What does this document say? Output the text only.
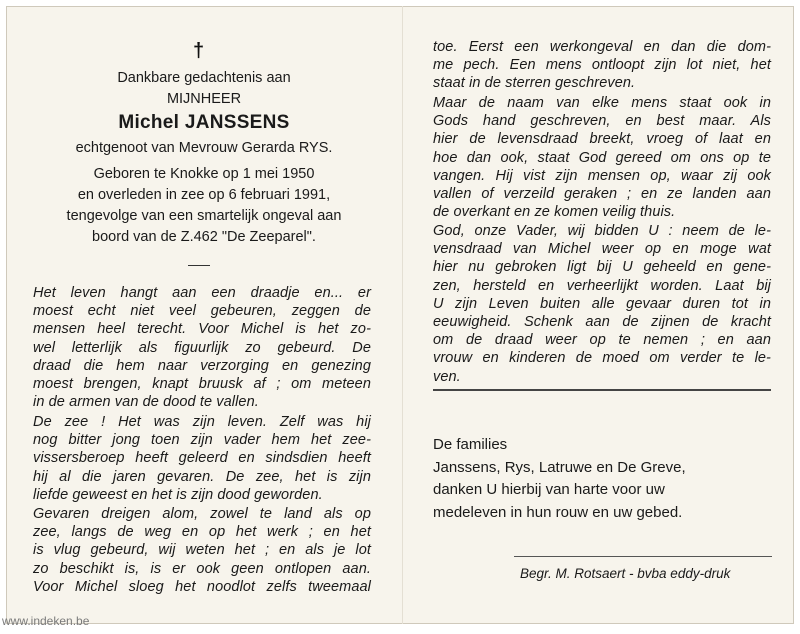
†
Dankbare gedachtenis aan
MIJNHEER
Michel JANSSENS
echtgenoot van Mevrouw Gerarda RYS.
Geboren te Knokke op 1 mei 1950
en overleden in zee op 6 februari 1991,
tengevolge van een smartelijk ongeval aan
boord van de Z.462 "De Zeeparel".
Het leven hangt aan een draadje en... er
moest echt niet veel gebeuren, zeggen de
mensen heel terecht. Voor Michel is het zo-
wel letterlijk als figuurlijk zo gebeurd. De
draad die hem naar verzorging en genezing
moest brengen, knapt bruusk af ; om meteen
in de armen van de dood te vallen.
De zee ! Het was zijn leven. Zelf was hij
nog bitter jong toen zijn vader hem het zee-
vissersberoep heeft geleerd en sindsdien heeft
hij al die jaren gevaren. De zee, het is zijn
liefde geweest en het is zijn dood geworden.
Gevaren dreigen alom, zowel te land als op
zee, langs de weg en op het werk ; en het
is vlug gebeurd, wij weten het ; en als je lot
zo beschikt is, is er ook geen ontlopen aan.
Voor Michel sloeg het noodlot zelfs tweemaal
toe. Eerst een werkongeval en dan die dom-
me pech. Een mens ontloopt zijn lot niet, het
staat in de sterren geschreven.
Maar de naam van elke mens staat ook in
Gods hand geschreven, en best maar. Als
hier de levensdraad breekt, vroeg of laat en
hoe dan ook, staat God gereed om ons op te
vangen. Hij vist zijn mensen op, waar zij ook
vallen of verzeild geraken ; en ze landen aan
de overkant en ze komen veilig thuis.
God, onze Vader, wij bidden U : neem de le-
vensdraad van Michel weer op en moge wat
hier nu gebroken ligt bij U geheeld en gene-
zen, hersteld en verheerlijkt worden. Laat bij
U zijn Leven buiten alle gevaar duren tot in
eeuwigheid. Schenk aan de zijnen de kracht
om de draad weer op te nemen ; en aan
vrouw en kinderen de moed om verder te le-
ven.
De families
Janssens, Rys, Latruwe en De Greve,
danken U hierbij van harte voor uw
medeleven in hun rouw en uw gebed.
Begr. M. Rotsaert - bvba eddy-druk
www.indeken.be
